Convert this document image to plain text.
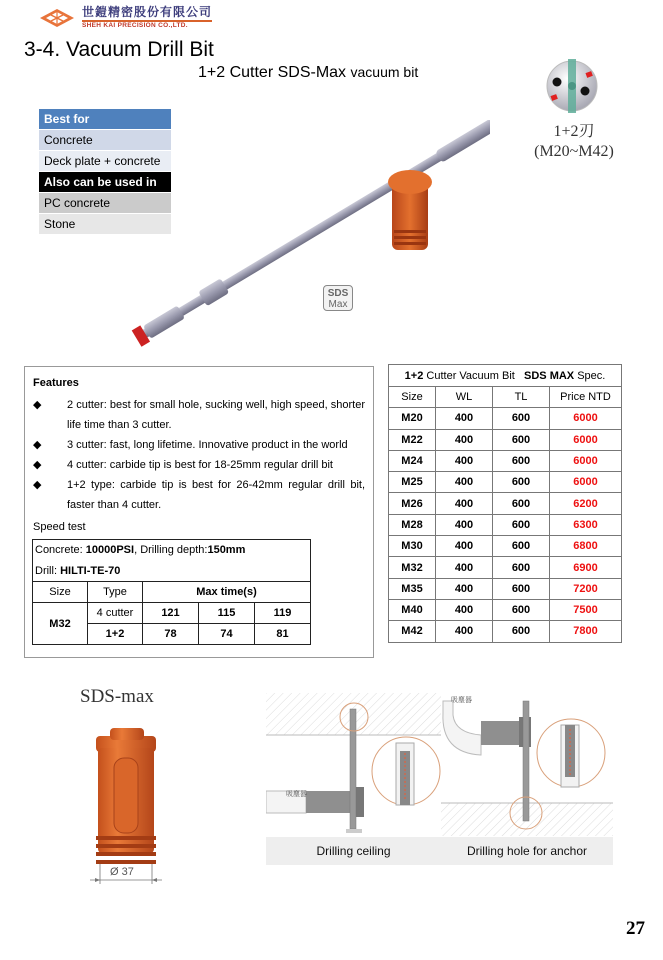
世鎧精密股份有限公司
SHEH KAI PRECISION CO.,LTD.
3-4. Vacuum Drill Bit
1+2 Cutter SDS-Max vacuum bit
1+2刃
(M20~M42)
Best for
Concrete
Deck plate + concrete
Also can be used in
PC concrete
Stone
SDS
Max
Features
◆ 2 cutter: best for small hole, sucking well, high speed, shorter life time than 3 cutter.
◆ 3 cutter: fast, long lifetime. Innovative product in the world
◆ 4 cutter: carbide tip is best for 18-25mm regular drill bit
◆ 1+2 type: carbide tip is best for 26-42mm regular drill bit, faster than 4 cutter.
Speed test
Concrete: 10000PSI, Drilling depth:150mm				
Drill: HILTI-TE-70				
Size	Type	Max time(s)		
M32	4 cutter	121	115	119
	1+2	78	74	81
1+2 Cutter Vacuum Bit SDS MAX Spec.			
Size	WL	TL	Price NTD
M20	400	600	6000
M22	400	600	6000
M24	400	600	6000
M25	400	600	6000
M26	400	600	6200
M28	400	600	6300
M30	400	600	6800
M32	400	600	6900
M35	400	600	7200
M40	400	600	7500
M42	400	600	7800
SDS-max
Ø 37
吸塵器
Drilling ceiling
吸塵器
Drilling hole for anchor
27
